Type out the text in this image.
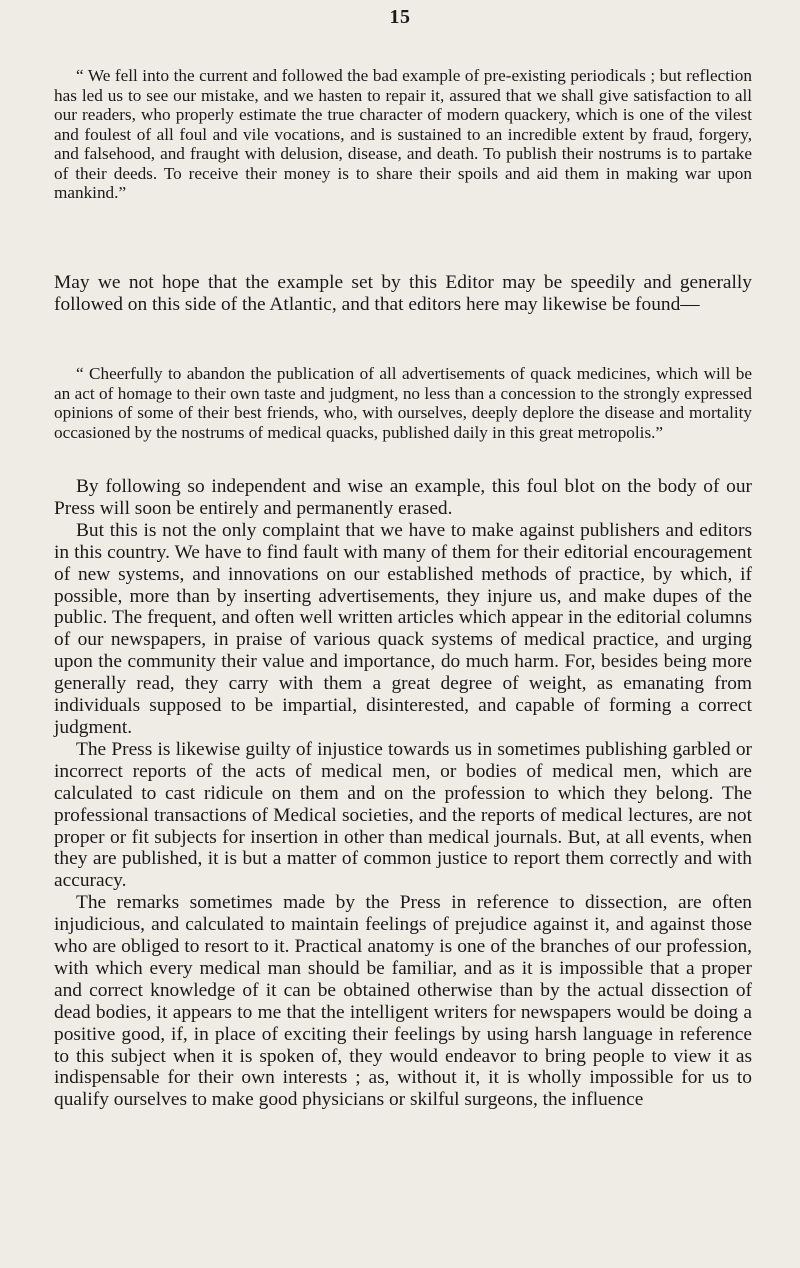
15

“ We fell into the current and followed the bad example of pre-existing periodicals ; but reflection has led us to see our mistake, and we hasten to repair it, assured that we shall give satisfaction to all our readers, who properly estimate the true character of modern quackery, which is one of the vilest and foulest of all foul and vile vocations, and is sustained to an incredible extent by fraud, forgery, and falsehood, and fraught with delusion, disease, and death. To publish their nostrums is to partake of their deeds. To receive their money is to share their spoils and aid them in making war upon mankind.”

May we not hope that the example set by this Editor may be speedily and generally followed on this side of the Atlantic, and that editors here may likewise be found—

“ Cheerfully to abandon the publication of all advertisements of quack medicines, which will be an act of homage to their own taste and judgment, no less than a concession to the strongly expressed opinions of some of their best friends, who, with ourselves, deeply deplore the disease and mortality occasioned by the nostrums of medical quacks, published daily in this great metropolis.”

By following so independent and wise an example, this foul blot on the body of our Press will soon be entirely and permanently erased.

But this is not the only complaint that we have to make against publishers and editors in this country. We have to find fault with many of them for their editorial encouragement of new systems, and innovations on our established methods of practice, by which, if possible, more than by inserting advertisements, they injure us, and make dupes of the public. The frequent, and often well written articles which appear in the editorial columns of our newspapers, in praise of various quack systems of medical practice, and urging upon the community their value and importance, do much harm. For, besides being more generally read, they carry with them a great degree of weight, as emanating from individuals supposed to be impartial, disinterested, and capable of forming a correct judgment.

The Press is likewise guilty of injustice towards us in sometimes publishing garbled or incorrect reports of the acts of medical men, or bodies of medical men, which are calculated to cast ridicule on them and on the profession to which they belong. The professional transactions of Medical societies, and the reports of medical lectures, are not proper or fit subjects for insertion in other than medical journals. But, at all events, when they are published, it is but a matter of common justice to report them correctly and with accuracy.

The remarks sometimes made by the Press in reference to dissection, are often injudicious, and calculated to maintain feelings of prejudice against it, and against those who are obliged to resort to it. Practical anatomy is one of the branches of our profession, with which every medical man should be familiar, and as it is impossible that a proper and correct knowledge of it can be obtained otherwise than by the actual dissection of dead bodies, it appears to me that the intelligent writers for newspapers would be doing a positive good, if, in place of exciting their feelings by using harsh language in reference to this subject when it is spoken of, they would endeavor to bring people to view it as indispensable for their own interests ; as, without it, it is wholly impossible for us to qualify ourselves to make good physicians or skilful surgeons, the influence
